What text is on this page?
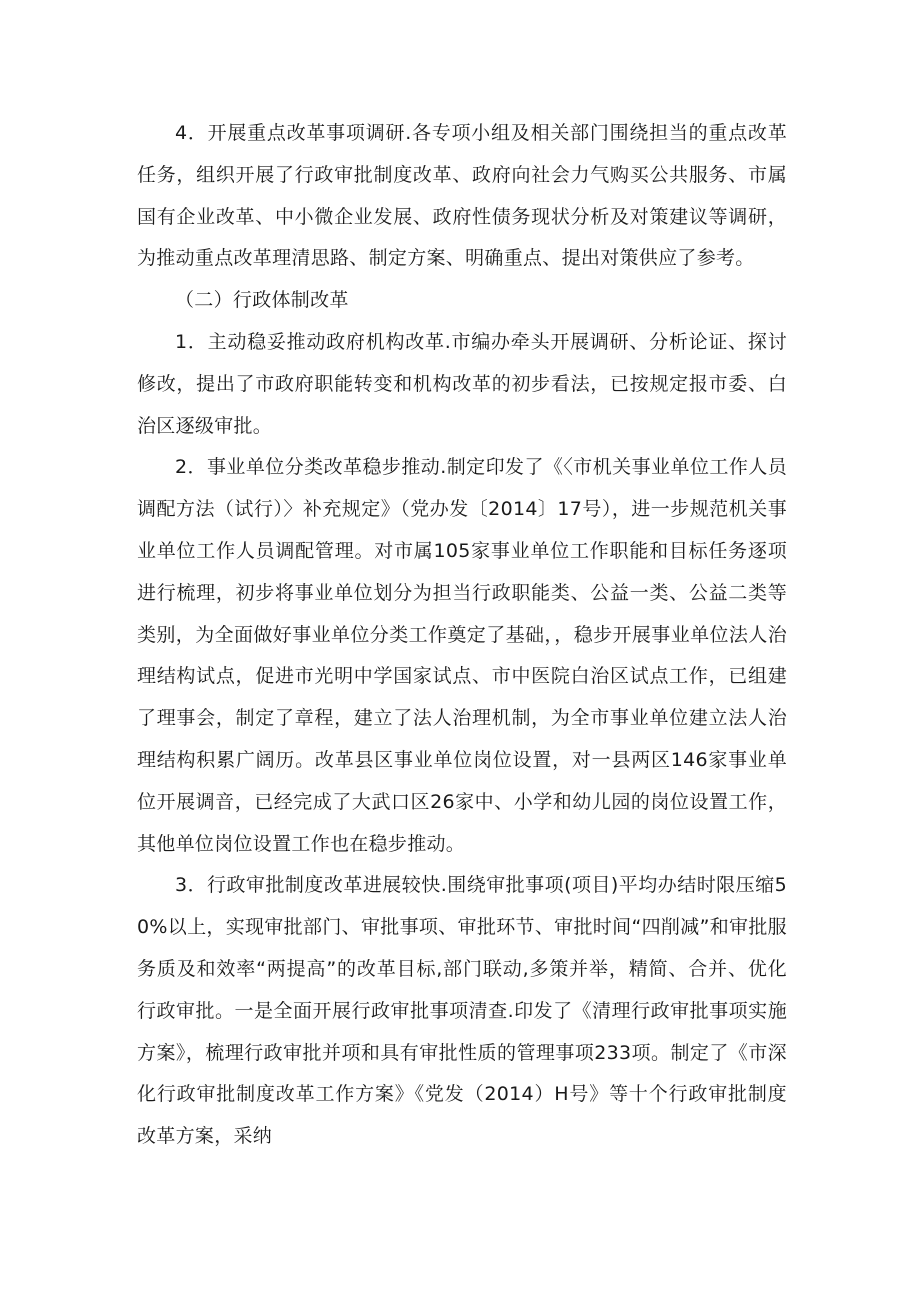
4．开展重点改革事项调研.各专项小组及相关部门围绕担当的重点改革任务，组织开展了行政审批制度改革、政府向社会力气购买公共服务、市属国有企业改革、中小微企业发展、政府性债务现状分析及对策建议等调研，为推动重点改革理清思路、制定方案、明确重点、提出对策供应了参考。

（二）行政体制改革

1．主动稳妥推动政府机构改革.市编办牵头开展调研、分析论证、探讨修改，提出了市政府职能转变和机构改革的初步看法，已按规定报市委、白治区逐级审批。

2．事业单位分类改革稳步推动.制定印发了《〈市机关事业单位工作人员调配方法（试行）〉补充规定》（党办发〔2014〕17号），进一步规范机关事业单位工作人员调配管理。对市属105家事业单位工作职能和目标任务逐项进行梳理，初步将事业单位划分为担当行政职能类、公益一类、公益二类等类别，为全面做好事业单位分类工作奠定了基础，，稳步开展事业单位法人治理结构试点，促进市光明中学国家试点、市中医院白治区试点工作，已组建了理事会，制定了章程，建立了法人治理机制，为全市事业单位建立法人治理结构积累广阔历。改革县区事业单位岗位设置，对一县两区146家事业单位开展调音，已经完成了大武口区26家中、小学和幼儿园的岗位设置工作，其他单位岗位设置工作也在稳步推动。

3．行政审批制度改革进展较快.围绕审批事项(项目)平均办结时限压缩50%以上，实现审批部门、审批事项、审批环节、审批时间“四削减”和审批服务质及和效率“两提高”的改革目标,部门联动,多策并举，精简、合并、优化行政审批。一是全面开展行政审批事项清查.印发了《清理行政审批事项实施方案》，梳理行政审批并项和具有审批性质的管理事项233项。制定了《市深化行政审批制度改革工作方案》《党发（2014）H号》等十个行政审批制度改革方案，采纳
